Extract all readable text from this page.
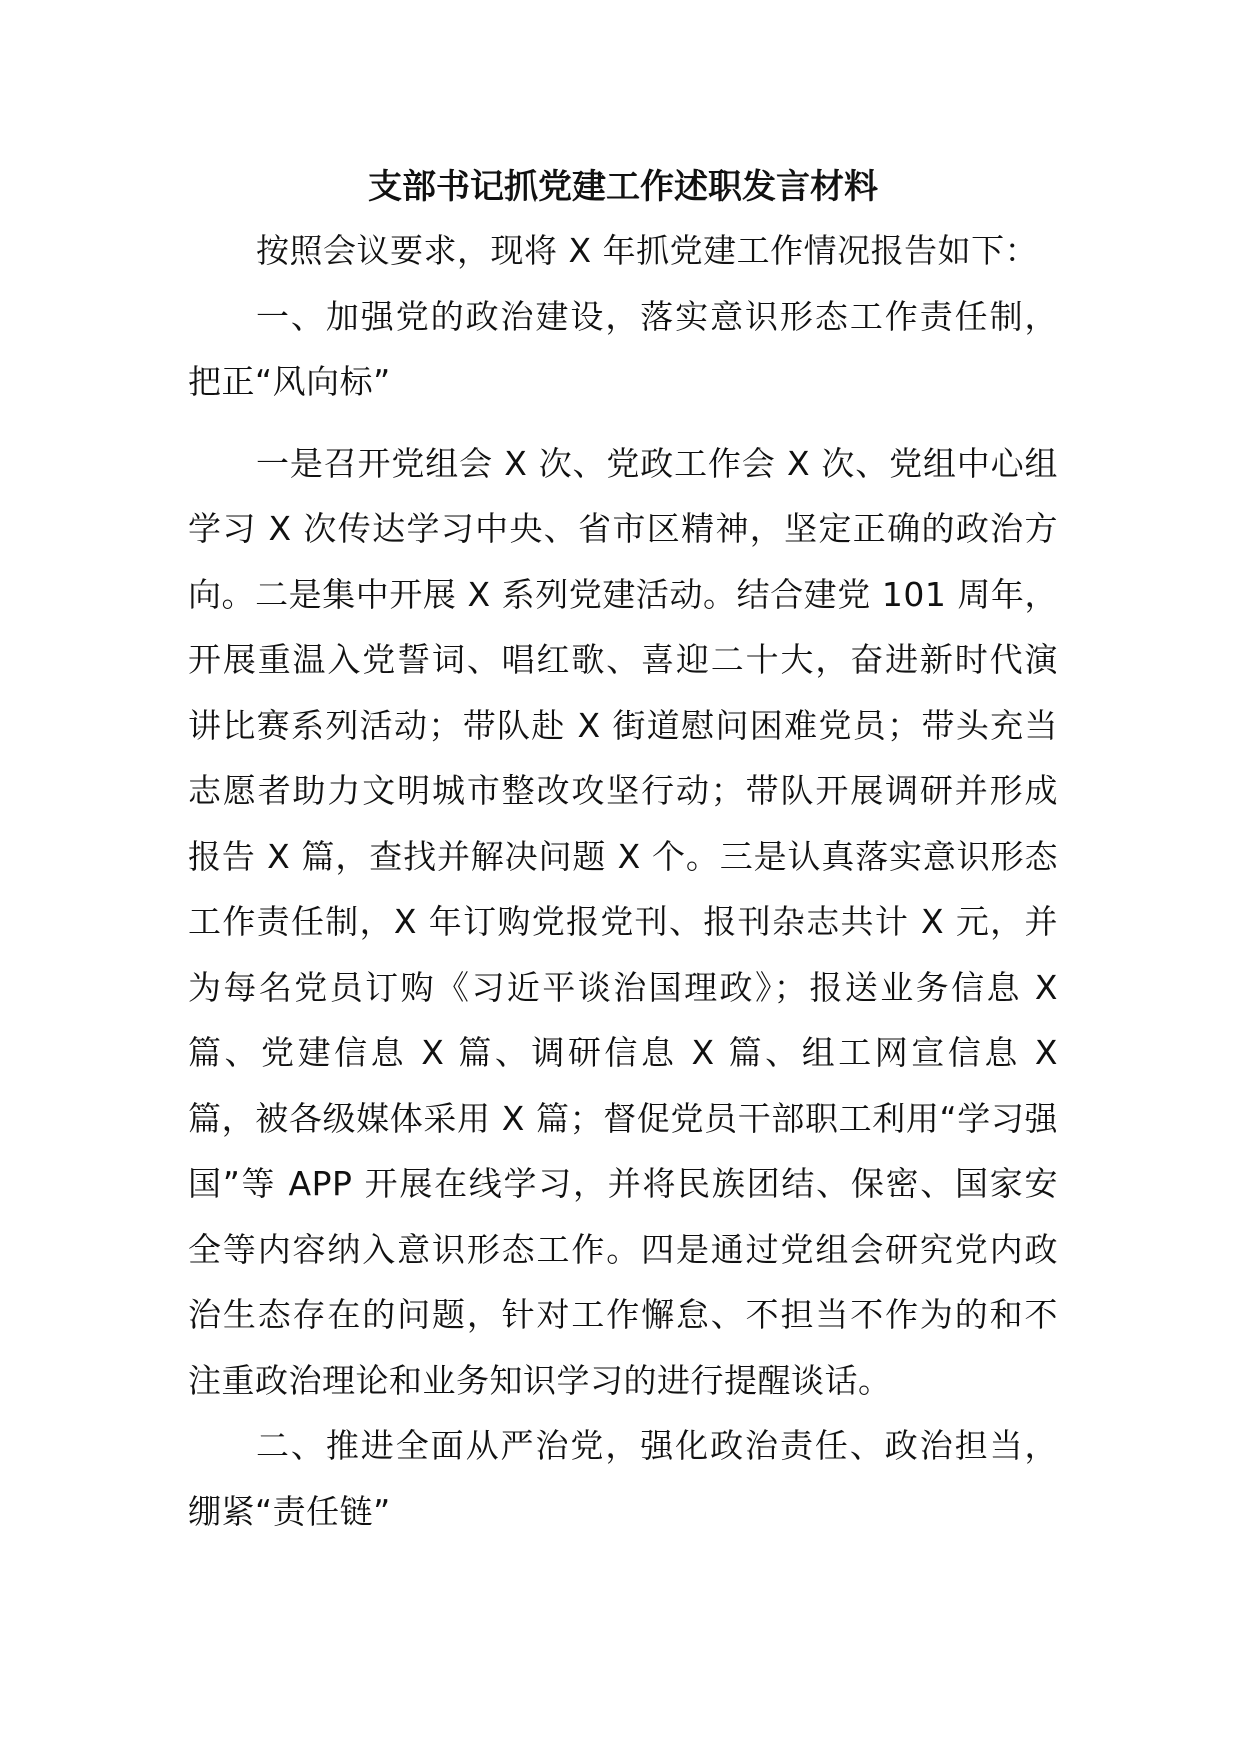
支部书记抓党建工作述职发言材料

按照会议要求，现将 X 年抓党建工作情况报告如下：

一、加强党的政治建设，落实意识形态工作责任制，把正“风向标”

一是召开党组会 X 次、党政工作会 X 次、党组中心组学习 X 次传达学习中央、省市区精神，坚定正确的政治方向。二是集中开展 X 系列党建活动。结合建党 101 周年，开展重温入党誓词、唱红歌、喜迎二十大，奋进新时代演讲比赛系列活动；带队赴 X 街道慰问困难党员；带头充当志愿者助力文明城市整改攻坚行动；带队开展调研并形成报告 X 篇，查找并解决问题 X 个。三是认真落实意识形态工作责任制，X 年订购党报党刊、报刊杂志共计 X 元，并为每名党员订购《习近平谈治国理政》；报送业务信息 X 篇、党建信息 X 篇、调研信息 X 篇、组工网宣信息 X 篇，被各级媒体采用 X 篇；督促党员干部职工利用“学习强国”等 APP 开展在线学习，并将民族团结、保密、国家安全等内容纳入意识形态工作。四是通过党组会研究党内政治生态存在的问题，针对工作懈怠、不担当不作为的和不注重政治理论和业务知识学习的进行提醒谈话。

二、推进全面从严治党，强化政治责任、政治担当，绷紧“责任链”
